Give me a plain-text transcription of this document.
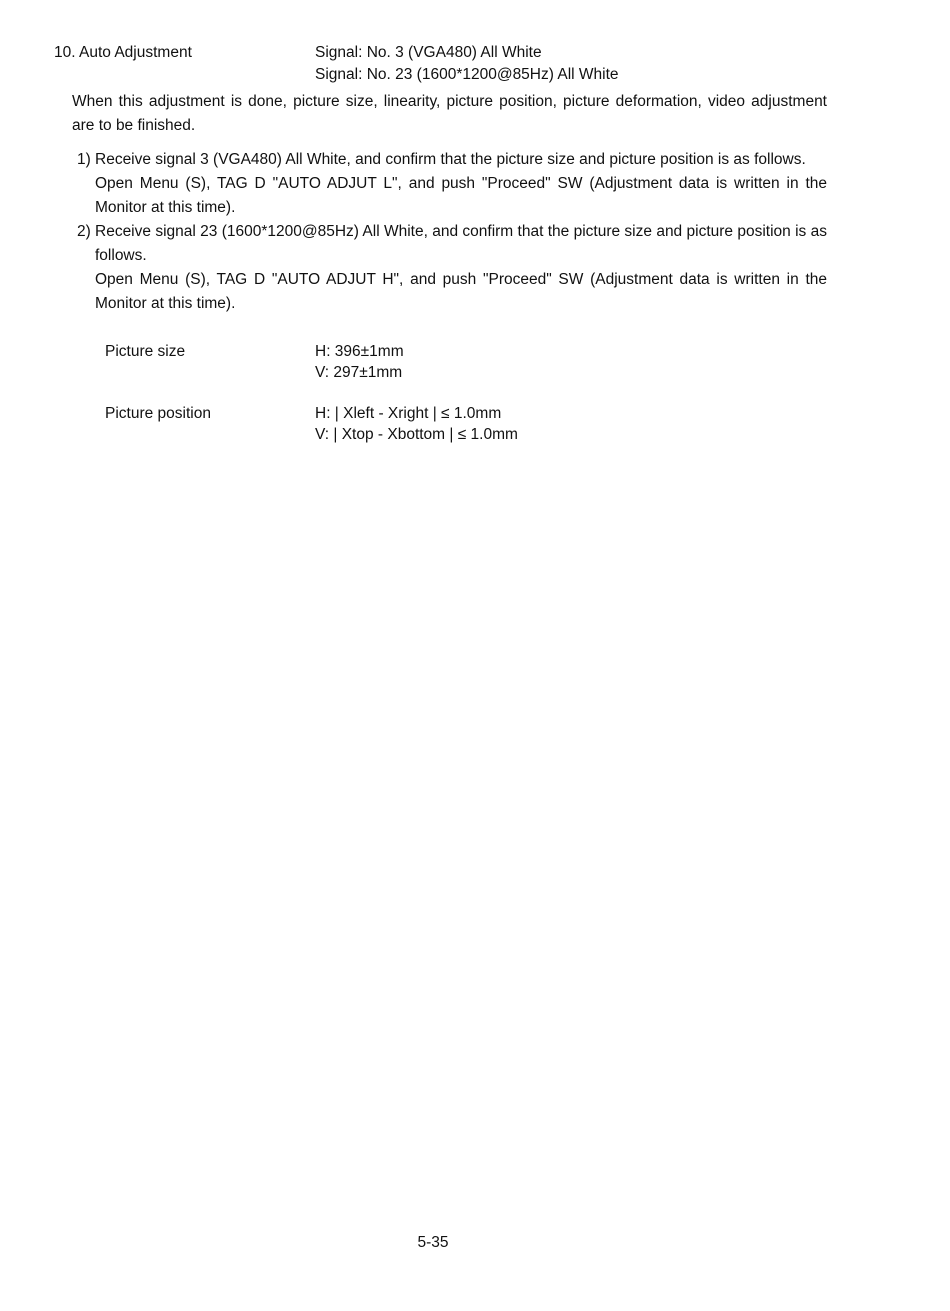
10. Auto Adjustment	Signal: No. 3 (VGA480) All White
Signal: No. 23 (1600*1200@85Hz) All White
When this adjustment is done, picture size, linearity, picture position, picture deformation, video adjustment are to be finished.
1) Receive signal 3 (VGA480) All White, and confirm that the picture size and picture position is as follows.
Open Menu (S), TAG D "AUTO ADJUT L", and push "Proceed" SW (Adjustment data is written in the Monitor at this time).
2) Receive signal 23 (1600*1200@85Hz) All White, and confirm that the picture size and picture position is as follows.
Open Menu (S), TAG D "AUTO ADJUT H", and push "Proceed" SW (Adjustment data is written in the Monitor at this time).
Picture size	H: 396±1mm
V: 297±1mm
Picture position	H: | Xleft - Xright | ≤ 1.0mm
V: | Xtop - Xbottom | ≤ 1.0mm
5-35
